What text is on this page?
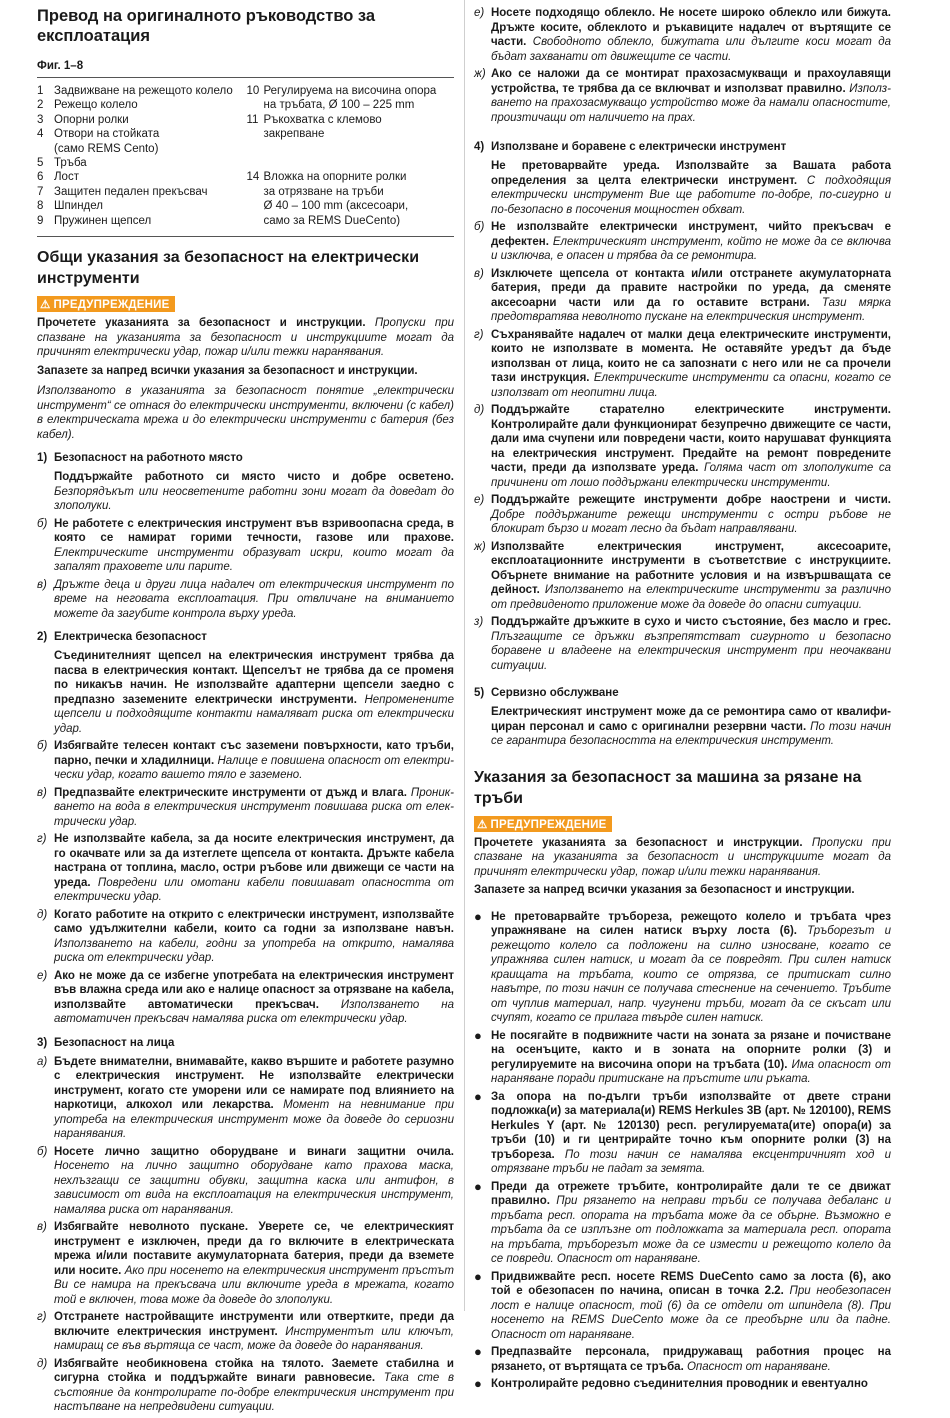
Превод на оригиналното ръководство за експлоатация
Фиг. 1–8
1 Задвижване на режещото колело
2 Режещо колело
3 Опорни ролки
4 Отвори на стойката
(само REMS Cento)
5 Тръба
6 Лост
7 Защитен педален прекъсвач
8 Шпиндел
9 Пружинен щепсел
10 Регулируема на височина опора
на тръбата, Ø 100 – 225 mm
11 Ръкохватка с клемово
закрепване
14 Вложка на опорните ролки
за отрязване на тръби
Ø 40 – 100 mm (аксесоари,
само за REMS DueCento)
Общи указания за безопасност на електрически инструменти
⚠ ПРЕДУПРЕЖДЕНИЕ

Прочетете указанията за безопасност и инструкции. Пропуски при спазване на указанията за безопасност и инструкциите могат да причинят електрически удар, пожар и/или тежки наранявания.

Запазете за напред всички указания за безопасност и инструкции.

Използваното в указанията за безопасност понятие „електрически инструмент“ се отнася до електрически инструменти, включени (с кабел) в електрическата мрежа и до електрически инструменти с батерия (без кабел).

1) Безопасност на работното място

Поддържайте работното си място чисто и добре осветено. Безпорядъкът или неосветените работни зони могат да доведат до злополуки.

б) Не работете с електрическия инструмент във взривоопасна среда, в която се намират горими течности, газове или прахове. Електрическите инструменти образуват искри, които могат да запалят праховете или парите.

в) Дръжте деца и други лица надалеч от електрическия инструмент по време на неговата експлоатация. При отвличане на вниманието можете да загубите контрола върху уреда.

2) Електрическа безопасност

Съединителният щепсел на електрическия инструмент трябва да пасва в електрическия контакт. Щепселът не трябва да се променя по никакъв начин. Не използвайте адаптерни щепсели заедно с предпазно заземените електрически инструменти. Непроменените щепсели и подходящите контакти намаляват риска от електрически удар.

б) Избягвайте телесен контакт със заземени повърхности, като тръби, парно, печки и хладилници. Налице е повишена опасност от електрически удар, когато вашето тяло е заземено.

в) Предпазвайте електрическите инструменти от дъжд и влага. Проникването на вода в електрическия инструмент повишава риска от електрически удар.

г) Не използвайте кабела, за да носите електрическия инструмент, да го окачвате или за да изтеглете щепсела от контакта. Дръжте кабела настрана от топлина, масло, остри ръбове или движещи се части на уреда. Повредени или омотани кабели повишават опасността от електрически удар.

д) Когато работите на открито с електрически инструмент, използвайте само удължителни кабели, които са годни за използване навън. Използването на кабели, годни за употреба на открито, намалява риска от електрически удар.

е) Ако не може да се избегне употребата на електрическия инструмент във влажна среда или ако е налице опасност за отрязване на кабела, използвайте автоматически прекъсвач. Използването на автоматичен прекъсвач намалява риска от електрически удар.

3) Безопасност на лица
а) Бъдете внимателни, внимавайте, какво вършите и работете разумно с електрическия инструмент. Не използвайте електрически инструмент, когато сте уморени или се намирате под влиянието на наркотици, алкохол или лекарства. Момент на невнимание при употреба на електрическия инструмент може да доведе до сериозни наранявания.

б) Носете лично защитно оборудване и винаги защитни очила. Носенето на лично защитно оборудване като прахова маска, нехлъзгащи се защитни обувки, защитна каска или антифон, в зависимост от вида на експлоатация на електрическия инструмент, намалява риска от наранявания.

в) Избягвайте неволното пускане. Уверете се, че електрическият инструмент е изключен, преди да го включите в електрическата мрежа и/или поставите акумулаторната батерия, преди да вземете или носите. Ако при носенето на електрическия инструмент пръстът Ви се намира на прекъсвача или включите уреда в мрежата, когато той е включен, това може да доведе до злополуки.

г) Отстранете настройващите инструменти или отвертките, преди да включите електрическия инструмент. Инструментът или ключът, намиращ се във въртяща се част, може да доведе до наранявания.

д) Избягвайте необикновена стойка на тялото. Заемете стабилна и сигурна стойка и поддържайте винаги равновесие. Така сте в състояние да контролирате по-добре електрическия инструмент при настъпване на непредвидени ситуации.

е) Носете подходящо облекло. Не носете широко облекло или бижута. Дръжте косите, облеклото и ръкавиците надалеч от въртящите се части. Свободното облекло, бижутата или дългите коси могат да бъдат захванати от движещите се части.

ж) Ако се наложи да се монтират прахозасмукващи и прахоулавящи устройства, те трябва да се включват и използват правилно. Използването на прахозасмукващо устройство може да намали опасностите, произтичащи от наличието на прах.

4) Използване и боравене с електрически инструмент

Не претоварвайте уреда. Използвайте за Вашата работа определения за целта електрически инструмент. С подходящия електрически инструмент Вие ще работите по-добре, по-сигурно и по-безопасно в посочения мощностен обхват.

б) Не използвайте електрически инструмент, чийто прекъсвач е дефектен. Електрическият инструмент, който не може да се включва и изключва, е опасен и трябва да се ремонтира.

в) Изключете щепсела от контакта и/или отстранете акумулаторната батерия, преди да правите настройки по уреда, да сменяте аксесоарни части или да го оставите встрани. Тази мярка предотвратява неволното пускане на електрическия инструмент.

г) Съхранявайте надалеч от малки деца електрическите инструменти, които не използвате в момента. Не оставяйте уредът да бъде използван от лица, които не са запознати с него или не са прочели тази инструкция. Електрическите инструменти са опасни, когато се използват от неопитни лица.

д) Поддържайте старателно електрическите инструменти. Контролирайте дали функционират безупречно движещите се части, дали има счупени или повредени части, които нарушават функцията на електрическия инструмент. Предайте на ремонт повредените части, преди да използвате уреда. Голяма част от злополуките са причинени от лошо поддържани електрически инструменти.

е) Поддържайте режещите инструменти добре наострени и чисти. Добре поддържаните режещи инструменти с остри ръбове не блокират бързо и могат лесно да бъдат направлявани.

ж) Използвайте електрическия инструмент, аксесоарите, експлоатационните инструменти в съответствие с инструкциите. Обърнете внимание на работните условия и на извършващата се дейност. Използването на електрическите инструменти за различно от предвиденото приложение може да доведе до опасни ситуации.

з) Поддържайте дръжките в сухо и чисто състояние, без масло и грес. Плъзгащите се дръжки възпрепятстват сигурното и безопасно боравене и владеене на електрическия инструмент при неочаквани ситуации.

5) Сервизно обслужване

Електрическият инструмент може да се ремонтира само от квалифициран персонал и само с оригинални резервни части. По този начин се гарантира безопасността на електрическия инструмент.

Указания за безопасност за машина за рязане на тръби
⚠ ПРЕДУПРЕЖДЕНИЕ

Прочетете указанията за безопасност и инструкции. Пропуски при спазване на указанията за безопасност и инструкциите могат да причинят електрически удар, пожар и/или тежки наранявания.

Запазете за напред всички указания за безопасност и инструкции.

● Не претоварвайте тръбореза, режещото колело и тръбата чрез упражняване на силен натиск върху лоста (6). Тръборезът и режещото колело са подложени на силно износване, когато се упражнява силен натиск, и могат да се повредят. При силен натиск краищата на тръбата, които се отрязва, се притискат силно навътре, по този начин се получава стеснение на сечението. Тръбите от чуплив материал, напр. чугунени тръби, могат да се скъсат или счупят, когато се прилага твърде силен натиск.

● Не посягайте в подвижните части на зоната за рязане и почистване на осенъците, както и в зоната на опорните ролки (3) и регулируемите на височина опори на тръбата (10). Има опасност от нараняване поради притискане на пръстите или ръката.

● За опора на по-дълги тръби използвайте от двете страни подложка(и) за материала(и) REMS Herkules 3B (арт. № 120100), REMS Herkules Y (арт. № 120130) респ. регулируемата(ите) опора(и) за тръби (10) и ги центрирайте точно към опорните ролки (3) на тръбореза. По този начин се намалява ексцентричният ход и отрязване тръби не падат за земята.

● Преди да отрежете тръбите, контролирайте дали те се движат правилно. При рязането на неправи тръби се получава дебаланс и тръбата респ. опората на тръбата може да се обърне. Възможно е тръбата да се изплъзне от подложката за материала респ. опората на тръбата, тръборезът може да се измести и режещото колело да се повреди. Опасност от нараняване.

● Придвижвайте респ. носете REMS DueCento само за лоста (6), ако той е обезопасен по начина, описан в точка 2.2. При необезопасен лост е налице опасност, той (6) да се отдели от шпиндела (8). При носенето на REMS DueCento може да се преобърне или да падне. Опасност от нараняване.

● Предпазвайте персонала, придружаващ работния процес на рязането, от въртящата се тръба. Опасност от нараняване.

● Контролирайте редовно съединителния проводник и евентуално
